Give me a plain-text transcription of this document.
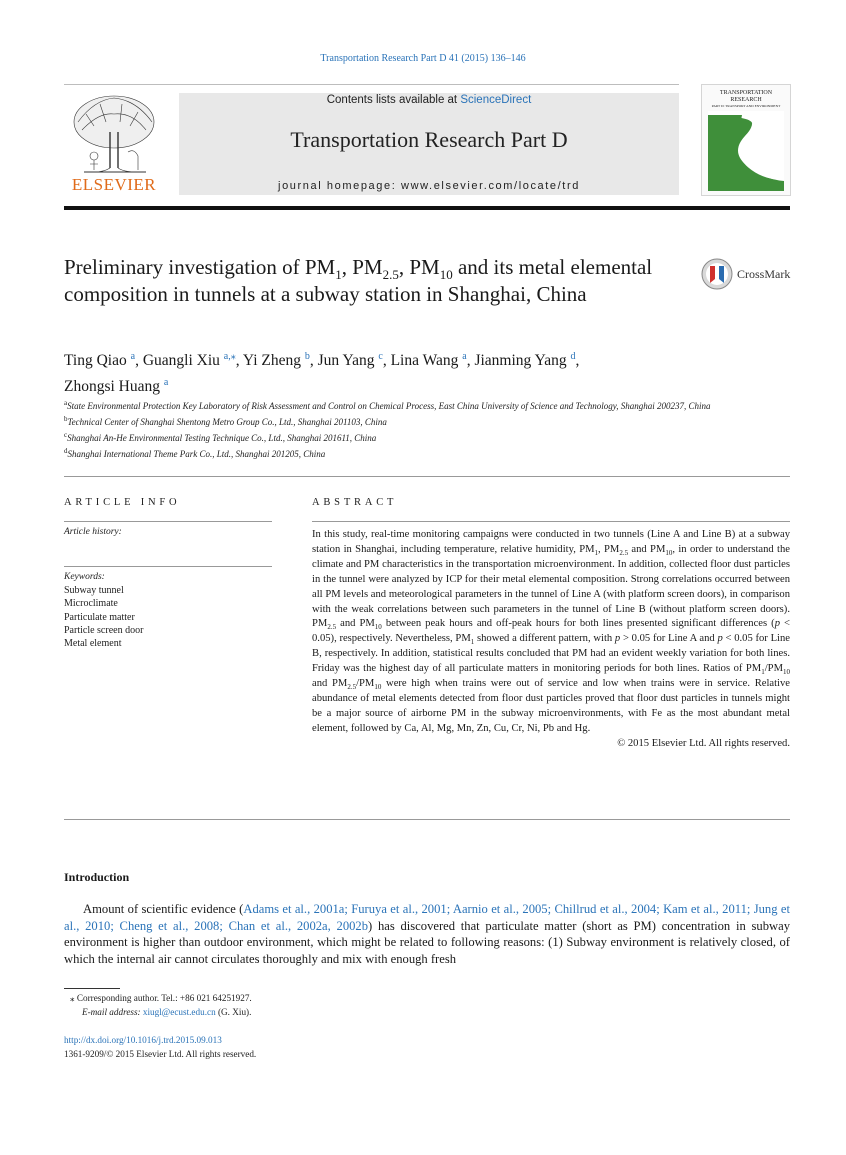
Transportation Research Part D 41 (2015) 136–146
ELSEVIER
Contents lists available at ScienceDirect
Transportation Research Part D
journal homepage: www.elsevier.com/locate/trd
TRANSPORTATION
RESEARCH
PART D: TRANSPORT AND ENVIRONMENT
Preliminary investigation of $PM_1$, $PM_{2.5}$, $PM_{10}$ and its metal elemental composition in tunnels at a subway station in Shanghai, China
CrossMark
Ting Qiao $^a$, Guangli Xiu $^{a,⁎}$, Yi Zheng $^b$, Jun Yang $^c$, Lina Wang $^a$, Jianming Yang $^d$,
Zhongsi Huang $^a$
$^a$State Environmental Protection Key Laboratory of Risk Assessment and Control on Chemical Process, East China University of Science and Technology, Shanghai 200237, China
$^b$Technical Center of Shanghai Shentong Metro Group Co., Ltd., Shanghai 201103, China
$^c$Shanghai An-He Environmental Testing Technique Co., Ltd., Shanghai 201611, China
$^d$Shanghai International Theme Park Co., Ltd., Shanghai 201205, China
ARTICLE INFO
Article history:
Keywords:
Subway tunnel
Microclimate
Particulate matter
Particle screen door
Metal element
ABSTRACT
In this study, real-time monitoring campaigns were conducted in two tunnels (Line A and Line B) at a subway station in Shanghai, including temperature, relative humidity, $PM_1$, $PM_{2.5}$ and $PM_{10}$, in order to understand the climate and PM characteristics in the transportation microenvironment. In addition, collected floor dust particles in the tunnel were analyzed by ICP for their metal elemental composition. Strong correlations occurred between all PM levels and meteorological parameters in the tunnel of Line A (with platform screen doors), in comparison with the weak correlations between such parameters in the tunnel of Line B (without platform screen doors). $PM_{2.5}$ and $PM_{10}$ between peak hours and off-peak hours for both lines presented significant differences (p < 0.05), respectively. Nevertheless, $PM_1$ showed a different pattern, with p > 0.05 for Line A and p < 0.05 for Line B, respectively. In addition, statistical results concluded that PM had an evident weekly variation for both lines. Friday was the highest day of all particulate matters in monitoring periods for both lines. Ratios of $PM_1/PM_{10}$ and $PM_{2.5}/PM_{10}$ were high when trains were out of service and low when trains were in service. Relative abundance of metal elements detected from floor dust particles proved that floor dust particles in tunnels might be a major source of airborne PM in the subway microenvironments, with Fe as the most abundant metal element, followed by Ca, Al, Mg, Mn, Zn, Cu, Cr, Ni, Pb and Hg.
© 2015 Elsevier Ltd. All rights reserved.
Introduction
Amount of scientific evidence (Adams et al., 2001a; Furuya et al., 2001; Aarnio et al., 2005; Chillrud et al., 2004; Kam et al., 2011; Jung et al., 2010; Cheng et al., 2008; Chan et al., 2002a, 2002b) has discovered that particulate matter (short as PM) concentration in subway environment is higher than outdoor environment, which might be related to following reasons: (1) Subway environment is relatively closed, of which the internal air cannot circulates thoroughly and mix with enough fresh
⁎ Corresponding author. Tel.: +86 021 64251927.
E-mail address: xiugl@ecust.edu.cn (G. Xiu).
http://dx.doi.org/10.1016/j.trd.2015.09.013
1361-9209/© 2015 Elsevier Ltd. All rights reserved.
